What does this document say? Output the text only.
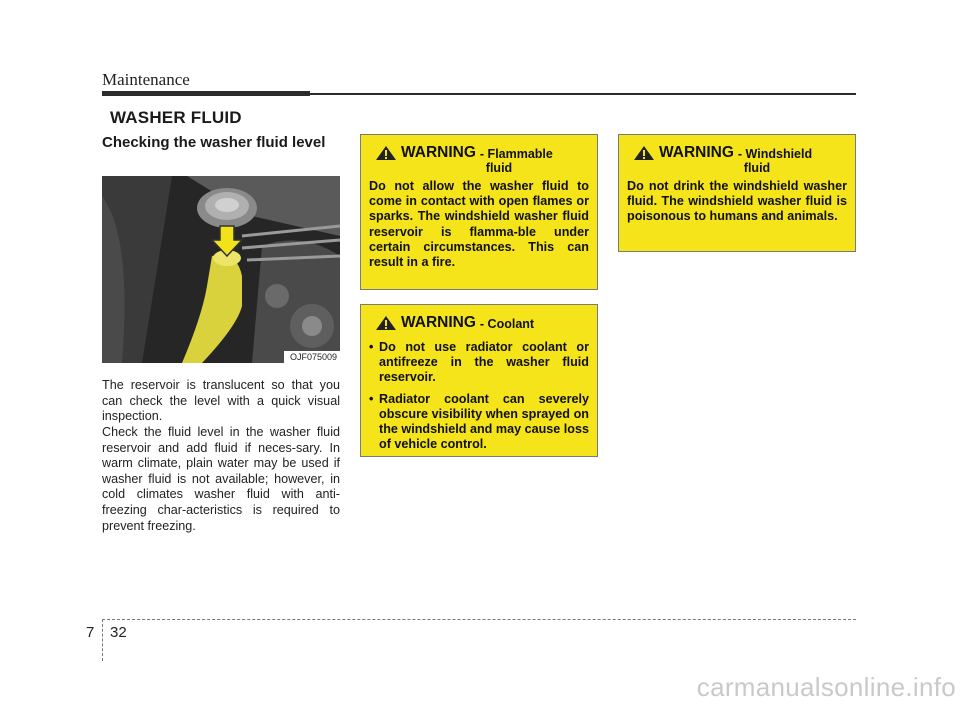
Maintenance
WASHER FLUID
Checking the washer fluid level
OJF075009

The reservoir is translucent so that you can check the level with a quick visual inspection.

Check the fluid level in the washer fluid reservoir and add fluid if neces-sary. In warm climate, plain water may be used if washer fluid is not available; however, in cold climates washer fluid with anti-freezing char-acteristics is required to prevent freezing.

WARNING - Flammable
fluid
Do not allow the washer fluid to come in contact with open flames or sparks. The windshield washer fluid reservoir is flamma-ble under certain circumstances. This can result in a fire.
WARNING - Coolant
• Do not use radiator coolant or antifreeze in the washer fluid reservoir.
• Radiator coolant can severely obscure visibility when sprayed on the windshield and may cause loss of vehicle control.
WARNING - Windshield
fluid
Do not drink the windshield washer fluid. The windshield washer fluid is poisonous to humans and animals.
7 32
carmanualsonline.info
